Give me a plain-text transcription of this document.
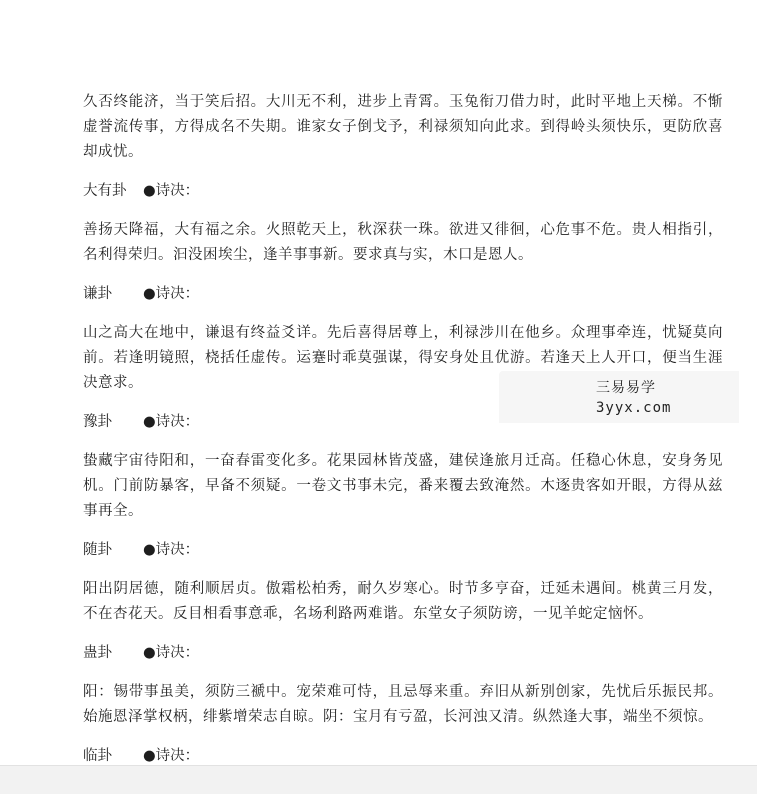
久否终能济，当于笑后招。大川无不利，进步上青霄。玉兔衔刀借力时，此时平地上天梯。不惭虚誉流传事，方得成名不失期。谁家女子倒戈予，利禄须知向此求。到得岭头须快乐，更防欣喜却成忧。

大有卦	●诗决：

善扬天降福，大有福之余。火照乾天上，秋深获一珠。欲进又徘徊，心危事不危。贵人相指引，名利得荣归。汩没困埃尘，逢羊事事新。要求真与实，木口是恩人。

谦卦	●诗决：

山之高大在地中，谦退有终益爻详。先后喜得居尊上，利禄涉川在他乡。众理事牵连，忧疑莫向前。若逢明镜照，桡括任虚传。运蹇时乖莫强谋，得安身处且优游。若逢天上人开口，便当生涯决意求。

豫卦	●诗决：

蛰藏宇宙待阳和，一奋春雷变化多。花果园林皆茂盛，建侯逢旅月迁高。任稳心休息，安身务见机。门前防暴客，早备不须疑。一卷文书事未完，番来覆去致淹然。木逐贵客如开眼，方得从兹事再全。

随卦	●诗决：

阳出阴居德，随利顺居贞。傲霜松柏秀，耐久岁寒心。时节多亨奋，迁延未遇间。桃黄三月发，不在杏花天。反目相看事意乖，名场利路两难谐。东堂女子须防谤，一见羊蛇定恼怀。

蛊卦	●诗决：

阳：锡带事虽美，须防三褫中。宠荣难可恃，且忌辱来重。弃旧从新别创家，先忧后乐振民邦。始施恩泽掌权柄，绯紫增荣志自晾。阴：宝月有亏盈，长河浊又清。纵然逢大事，端坐不须惊。

临卦	●诗决：
三易易学
3yyx.com
